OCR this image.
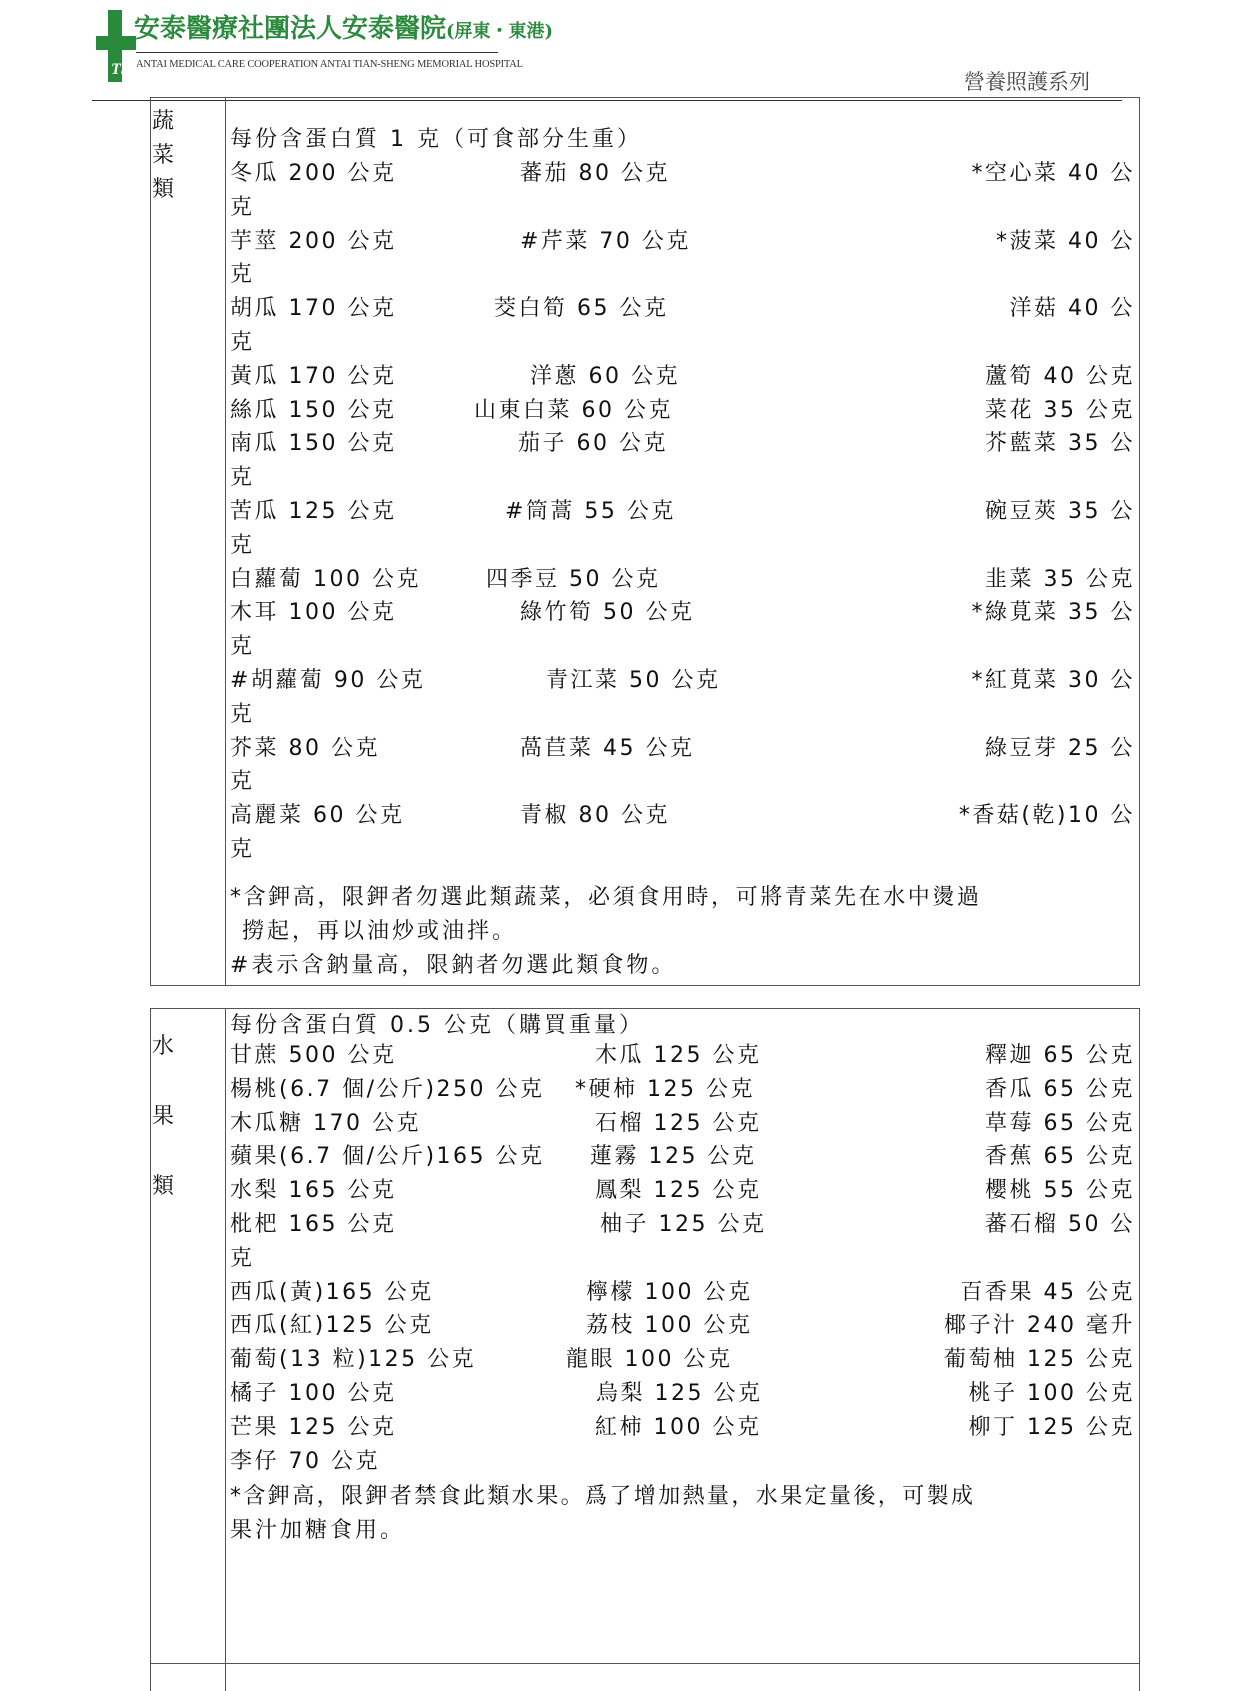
TS
安泰醫療社團法人安泰醫院(屏東・東港)
ANTAI MEDICAL CARE COOPERATION ANTAI TIAN-SHENG MEMORIAL HOSPITAL
營養照護系列
蔬
菜
類
每份含蛋白質 1 克（可食部分生重）
冬瓜 200 公克	蕃茄 80 公克	*空心菜 40 公
克
芋莖 200 公克	#芹菜 70 公克	*菠菜 40 公
克
胡瓜 170 公克	茭白筍 65 公克	洋菇 40 公
克
黃瓜 170 公克	洋蔥 60 公克	蘆筍 40 公克
絲瓜 150 公克	山東白菜 60 公克	菜花 35 公克
南瓜 150 公克	茄子 60 公克	芥藍菜 35 公
克
苦瓜 125 公克	#筒蒿 55 公克	碗豆莢 35 公
克
白蘿蔔 100 公克	四季豆 50 公克	韭菜 35 公克
木耳 100 公克	綠竹筍 50 公克	*綠莧菜 35 公
克
#胡蘿蔔 90 公克	青江菜 50 公克	*紅莧菜 30 公
克
芥菜 80 公克	萵苣菜 45 公克	綠豆芽 25 公
克
高麗菜 60 公克	青椒 80 公克	*香菇(乾)10 公
克
*含鉀高，限鉀者勿選此類蔬菜，必須食用時，可將青菜先在水中燙過
撈起，再以油炒或油拌。
#表示含鈉量高，限鈉者勿選此類食物。
水
果
類
每份含蛋白質 0.5 公克（購買重量）
甘蔗 500 公克	木瓜 125 公克	釋迦 65 公克
楊桃(6.7 個/公斤)250 公克 *硬柿 125 公克	香瓜 65 公克
木瓜糖 170 公克	石榴 125 公克	草莓 65 公克
蘋果(6.7 個/公斤)165 公克 蓮霧 125 公克	香蕉 65 公克
水梨 165 公克	鳳梨 125 公克	櫻桃 55 公克
枇杷 165 公克	柚子 125 公克	蕃石榴 50 公
克
西瓜(黃)165 公克	檸檬 100 公克	百香果 45 公克
西瓜(紅)125 公克	荔枝 100 公克	椰子汁 240 毫升
葡萄(13 粒)125 公克	龍眼 100 公克	葡萄柚 125 公克
橘子 100 公克	烏梨 125 公克	桃子 100 公克
芒果 125 公克	紅柿 100 公克	柳丁 125 公克
李仔 70 公克
*含鉀高，限鉀者禁食此類水果。爲了增加熱量，水果定量後，可製成
果汁加糖食用。
